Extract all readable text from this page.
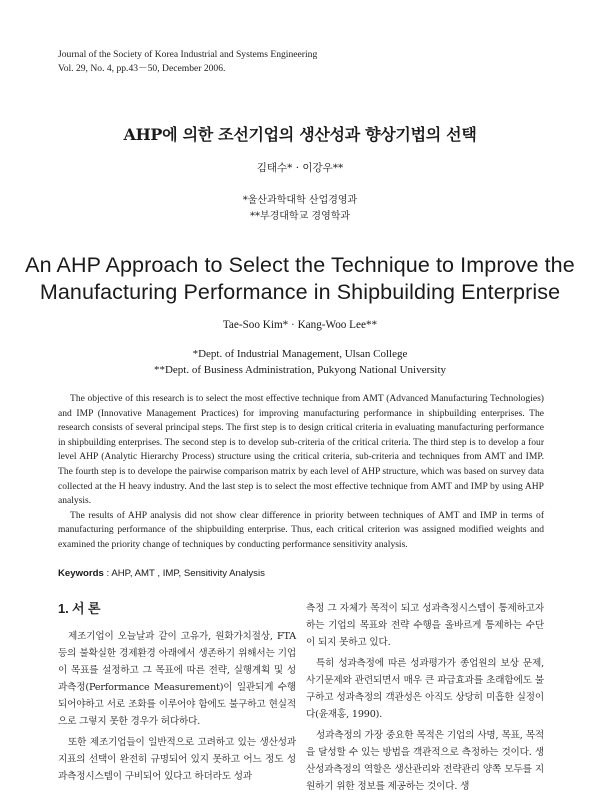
Journal of the Society of Korea Industrial and Systems Engineering
Vol. 29, No. 4, pp.43－50, December 2006.
AHP에 의한 조선기업의 생산성과 향상기법의 선택
김태수* · 이강우**
*울산과학대학 산업경영과
**부경대학교 경영학과
An AHP Approach to Select the Technique to Improve the
Manufacturing Performance in Shipbuilding Enterprise
Tae-Soo Kim* · Kang-Woo Lee**
*Dept. of Industrial Management, Ulsan College
**Dept. of Business Administration, Pukyong National University

The objective of this research is to select the most effective technique from AMT (Advanced Manufacturing Technologies) and IMP (Innovative Management Practices) for improving manufacturing performance in shipbuilding enterprises. The research consists of several principal steps. The first step is to design critical criteria in evaluating manufacturing performance in shipbuilding enterprises. The second step is to develop sub-criteria of the critical criteria. The third step is to develop a four level AHP (Analytic Hierarchy Process) structure using the critical criteria, sub-criteria and techniques from AMT and IMP. The fourth step is to develope the pairwise comparison matrix by each level of AHP structure, which was based on survey data collected at the H heavy industry. And the last step is to select the most effective technique from AMT and IMP by using AHP analysis.

The results of AHP analysis did not show clear difference in priority between techniques of AMT and IMP in terms of manufacturing performance of the shipbuilding enterprise. Thus, each critical criterion was assigned modified weights and examined the priority change of techniques by conducting performance sensitivity analysis.

Keywords : AHP, AMT , IMP, Sensitivity Analysis
1. 서 론

제조기업이 오늘날과 같이 고유가, 원화가치절상, FTA 등의 불확실한 경제환경 아래에서 생존하기 위해서는 기업이 목표를 설정하고 그 목표에 따른 전략, 실행계획 및 성과측정(Performance Measurement)이 일관되게 수행되어야하고 서로 조화를 이루어야 함에도 불구하고 현실적으로 그렇지 못한 경우가 허다하다.

또한 제조기업들이 일반적으로 고려하고 있는 생산성과 지표의 선택이 완전히 규명되어 있지 못하고 어느 정도 성과측정시스템이 구비되어 있다고 하더라도 성과

측정 그 자체가 목적이 되고 성과측정시스템이 통제하고자 하는 기업의 목표와 전략 수행을 올바르게 통제하는 수단이 되지 못하고 있다.

특히 성과측정에 따른 성과평가가 종업원의 보상 문제, 사기문제와 관련되면서 매우 큰 파급효과를 초래함에도 불구하고 성과측정의 객관성은 아직도 상당히 미흡한 실정이다(윤재홍, 1990).

성과측정의 가장 중요한 목적은 기업의 사명, 목표, 목적을 달성할 수 있는 방법을 객관적으로 측정하는 것이다. 생산성과측정의 역할은 생산관리와 전략관리 양쪽 모두를 지원하기 위한 정보를 제공하는 것이다. 생
